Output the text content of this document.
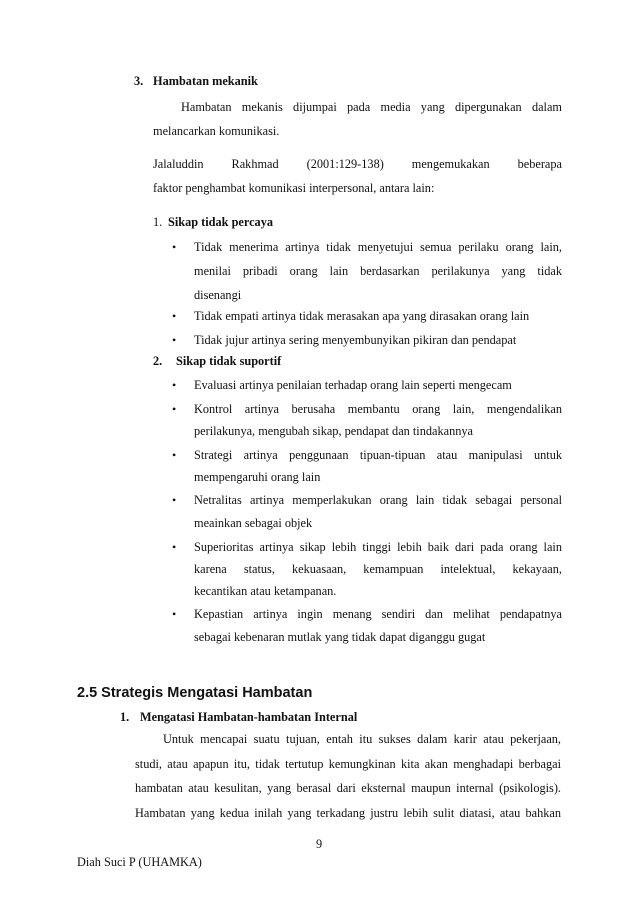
3. Hambatan mekanik
Hambatan mekanis dijumpai pada media yang dipergunakan dalam
melancarkan komunikasi.
Jalaluddin Rakhmad (2001:129-138) mengemukakan beberapa
faktor penghambat komunikasi interpersonal, antara lain:
1. Sikap tidak percaya
• Tidak menerima artinya tidak menyetujui semua perilaku orang lain,
menilai pribadi orang lain berdasarkan perilakunya yang tidak
disenangi
• Tidak empati artinya tidak merasakan apa yang dirasakan orang lain
• Tidak jujur artinya sering menyembunyikan pikiran dan pendapat
2. Sikap tidak suportif
• Evaluasi artinya penilaian terhadap orang lain seperti mengecam
• Kontrol artinya berusaha membantu orang lain, mengendalikan
perilakunya, mengubah sikap, pendapat dan tindakannya
• Strategi artinya penggunaan tipuan-tipuan atau manipulasi untuk
mempengaruhi orang lain
• Netralitas artinya memperlakukan orang lain tidak sebagai personal
meainkan sebagai objek
• Superioritas artinya sikap lebih tinggi lebih baik dari pada orang lain
karena status, kekuasaan, kemampuan intelektual, kekayaan,
kecantikan atau ketampanan.
• Kepastian artinya ingin menang sendiri dan melihat pendapatnya
sebagai kebenaran mutlak yang tidak dapat diganggu gugat
2.5 Strategis Mengatasi Hambatan
1. Mengatasi Hambatan-hambatan Internal
Untuk mencapai suatu tujuan, entah itu sukses dalam karir atau pekerjaan,
studi, atau apapun itu, tidak tertutup kemungkinan kita akan menghadapi berbagai
hambatan atau kesulitan, yang berasal dari eksternal maupun internal (psikologis).
Hambatan yang kedua inilah yang terkadang justru lebih sulit diatasi, atau bahkan
9
Diah Suci P (UHAMKA)
